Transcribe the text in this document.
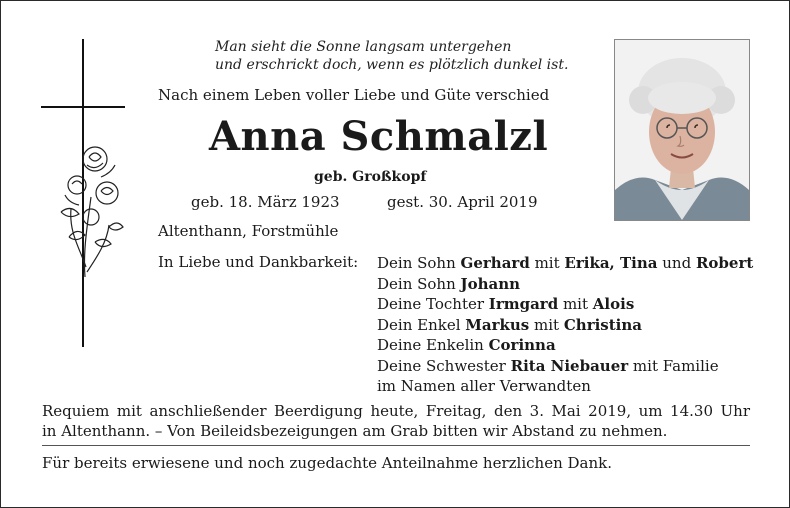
Man sieht die Sonne langsam untergehen
und erschrickt doch, wenn es plötzlich dunkel ist.
Nach einem Leben voller Liebe und Güte verschied
Anna Schmalzl
geb. Großkopf
geb. 18. März 1923	gest. 30. April 2019
Altenthann, Forstmühle
In Liebe und Dankbarkeit: Dein Sohn Gerhard mit Erika, Tina und Robert
Dein Sohn Johann
Deine Tochter Irmgard mit Alois
Dein Enkel Markus mit Christina
Deine Enkelin Corinna
Deine Schwester Rita Niebauer mit Familie
im Namen aller Verwandten
Requiem mit anschließender Beerdigung heute, Freitag, den 3. Mai 2019, um 14.30 Uhr
in Altenthann. – Von Beileidsbezeigungen am Grab bitten wir Abstand zu nehmen.
Für bereits erwiesene und noch zugedachte Anteilnahme herzlichen Dank.
